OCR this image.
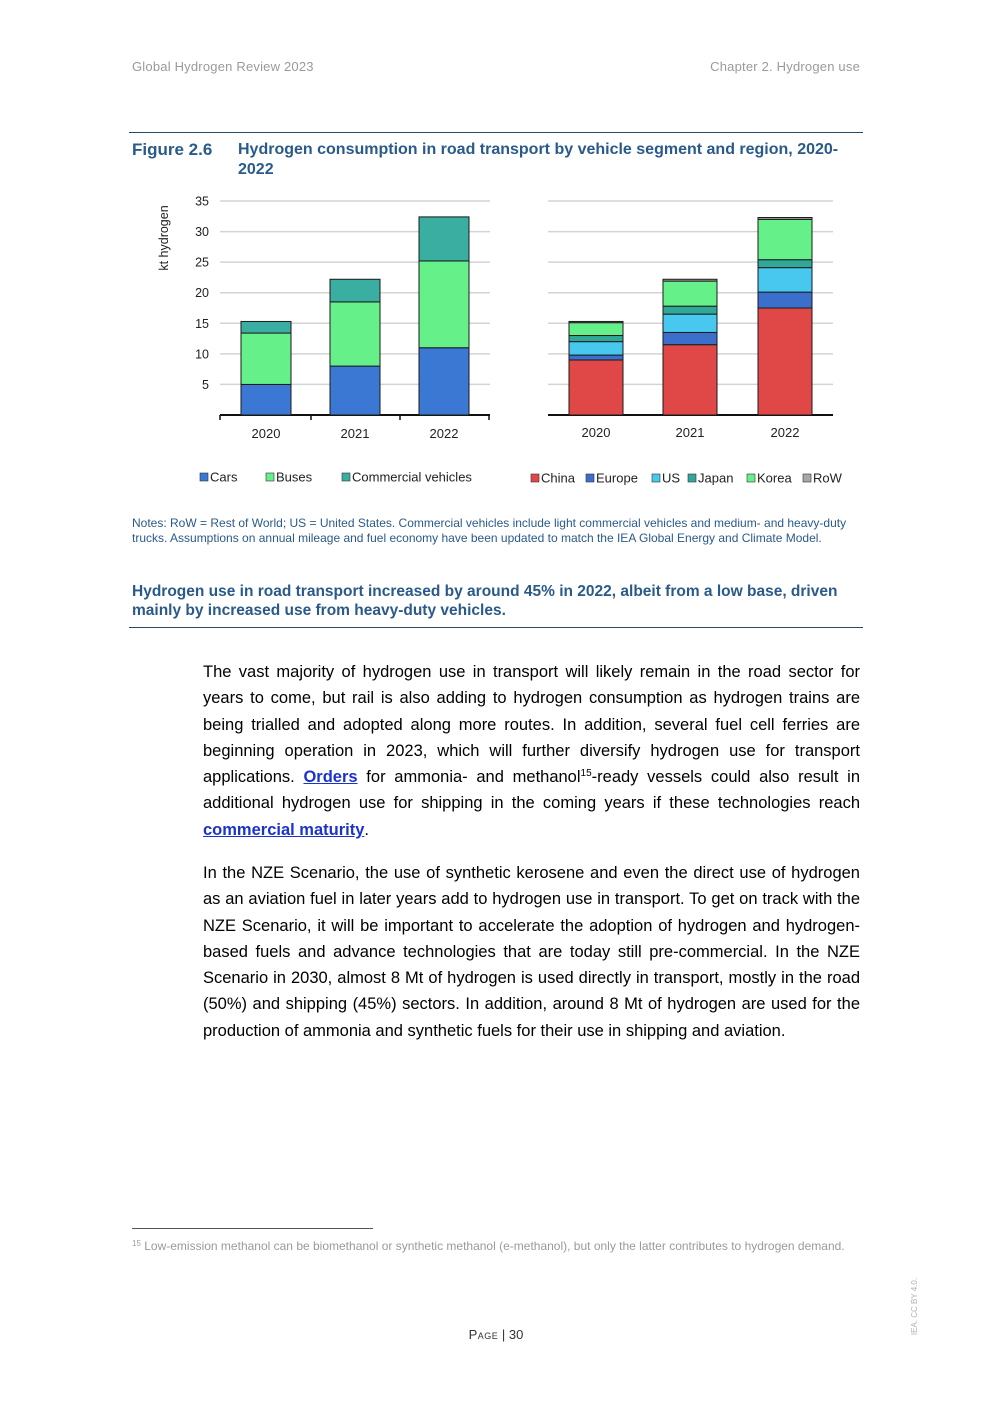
Global Hydrogen Review 2023	Chapter 2. Hydrogen use
Figure 2.6 Hydrogen consumption in road transport by vehicle segment and region, 2020-2022
5
10
15
20
25
30
35
kt hydrogen
2020	2021	2022
Cars	Buses	Commercial vehicles
2020	2021	2022
China Europe US Japan Korea RoW
Notes: RoW = Rest of World; US = United States. Commercial vehicles include light commercial vehicles and medium- and heavy-duty trucks. Assumptions on annual mileage and fuel economy have been updated to match the IEA Global Energy and Climate Model.
Hydrogen use in road transport increased by around 45% in 2022, albeit from a low base, driven mainly by increased use from heavy-duty vehicles.

The vast majority of hydrogen use in transport will likely remain in the road sector for years to come, but rail is also adding to hydrogen consumption as hydrogen trains are being trialled and adopted along more routes. In addition, several fuel cell ferries are beginning operation in 2023, which will further diversify hydrogen use for transport applications. Orders for ammonia- and methanol$^{15}$-ready vessels could also result in additional hydrogen use for shipping in the coming years if these technologies reach commercial maturity.

In the NZE Scenario, the use of synthetic kerosene and even the direct use of hydrogen as an aviation fuel in later years add to hydrogen use in transport. To get on track with the NZE Scenario, it will be important to accelerate the adoption of hydrogen and hydrogen-based fuels and advance technologies that are today still pre-commercial. In the NZE Scenario in 2030, almost 8 Mt of hydrogen is used directly in transport, mostly in the road (50%) and shipping (45%) sectors. In addition, around 8 Mt of hydrogen are used for the production of ammonia and synthetic fuels for their use in shipping and aviation.

$^{15}$ Low-emission methanol can be biomethanol or synthetic methanol (e-methanol), but only the latter contributes to hydrogen demand.
Page | 30	IEA. CC BY 4.0.
